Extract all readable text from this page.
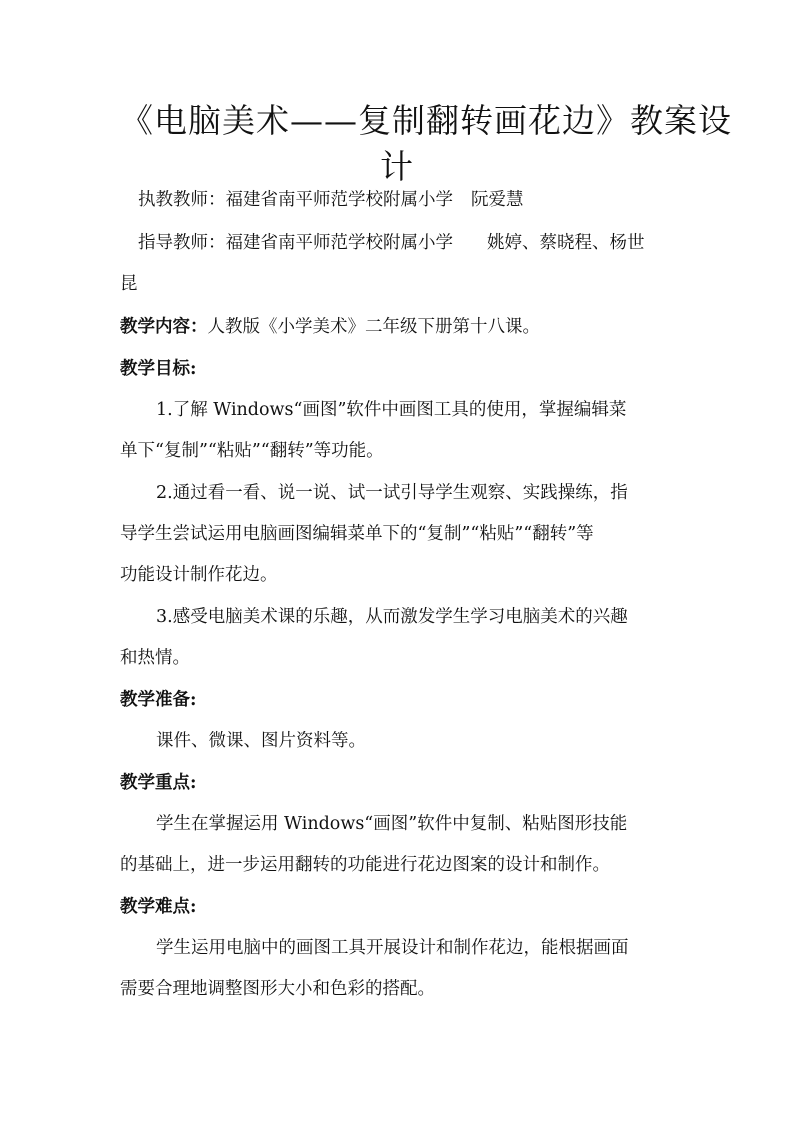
《电脑美术——复制翻转画花边》教案设
计
执教教师：福建省南平师范学校附属小学 阮爱慧
指导教师：福建省南平师范学校附属小学 姚婷、蔡晓程、杨世
昆
教学内容：人教版《小学美术》二年级下册第十八课。
教学目标:
1.了解 Windows“画图”软件中画图工具的使用，掌握编辑菜
单下“复制”“粘贴”“翻转”等功能。
2.通过看一看、说一说、试一试引导学生观察、实践操练，指
导学生尝试运用电脑画图编辑菜单下的“复制”“粘贴”“翻转”等
功能设计制作花边。
3.感受电脑美术课的乐趣，从而激发学生学习电脑美术的兴趣
和热情。
教学准备:
课件、微课、图片资料等。
教学重点:
学生在掌握运用 Windows“画图”软件中复制、粘贴图形技能
的基础上，进一步运用翻转的功能进行花边图案的设计和制作。
教学难点:
学生运用电脑中的画图工具开展设计和制作花边，能根据画面
需要合理地调整图形大小和色彩的搭配。
